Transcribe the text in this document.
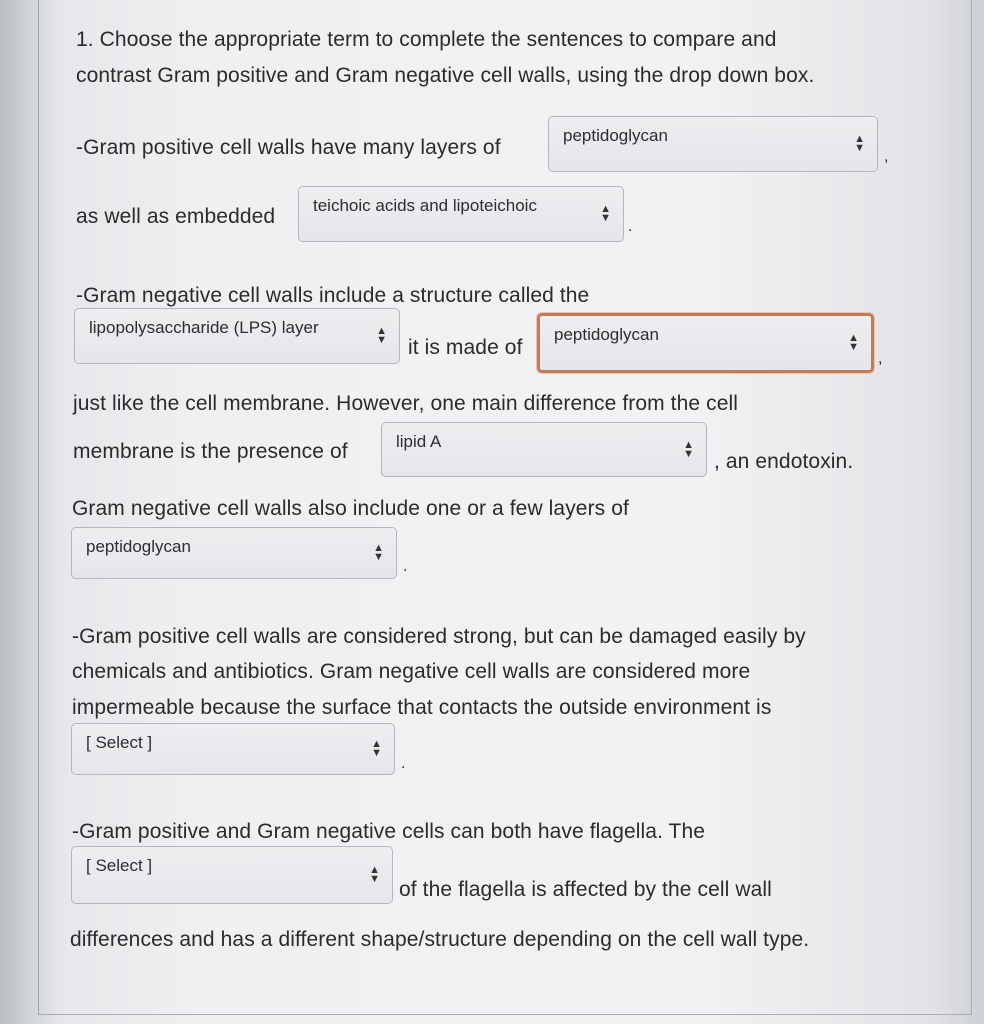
1. Choose the appropriate term to complete the sentences to compare and
contrast Gram positive and Gram negative cell walls, using the drop down box.
-Gram positive cell walls have many layers of
peptidoglycan	▲
▼ ,
as well as embedded	teichoic acids and lipoteichoic	▲
▼ .
-Gram negative cell walls include a structure called the
lipopolysaccharide (LPS) layer	▲
▼ it is made of
peptidoglycan	▲
▼
,
just like the cell membrane. However, one main difference from the cell
membrane is the presence of	lipid A	▲
▼ , an endotoxin.
Gram negative cell walls also include one or a few layers of
peptidoglycan	▲
▼
.
-Gram positive cell walls are considered strong, but can be damaged easily by
chemicals and antibiotics. Gram negative cell walls are considered more
impermeable because the surface that contacts the outside environment is
[ Select ]	▲
▼
.
-Gram positive and Gram negative cells can both have flagella. The
[ Select ]	▲
▼ of the flagella is affected by the cell wall
differences and has a different shape/structure depending on the cell wall type.
